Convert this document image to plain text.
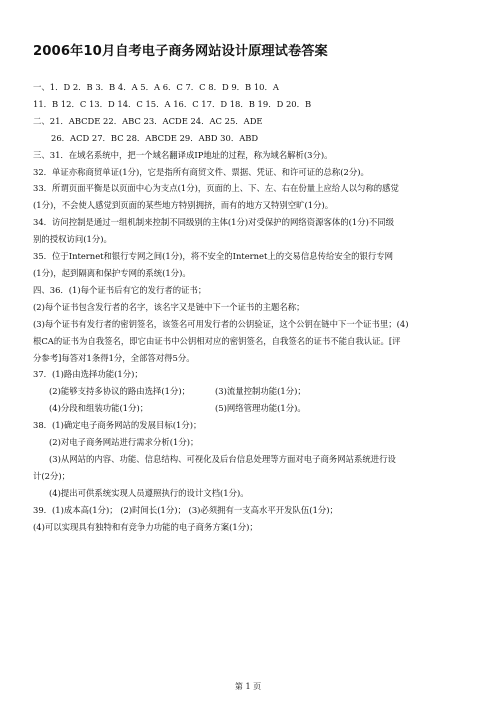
2006年10月自考电子商务网站设计原理试卷答案
一、1．D 2．B 3．B 4．A 5．A 6．C 7．C 8．D 9．B 10．A
11．B 12．C 13．D 14．C 15．A 16．C 17．D 18．B 19．D 20．B
二、21．ABCDE 22．ABC 23．ACDE 24．AC 25．ADE
26．ACD 27．BC 28．ABCDE 29．ABD 30．ABD
三、31．在域名系统中，把一个域名翻译成IP地址的过程，称为域名解析(3分)。
32．单证亦称商贸单证(1分)，它是指所有商贸文件、票据、凭证、和许可证的总称(2分)。
33．所谓页面平衡是以页面中心为支点(1分)，页面的上、下、左、右在份量上应给人以匀称的感觉
(1分)，不会使人感觉到页面的某些地方特别拥挤，而有的地方又特别空旷(1分)。
34．访问控制是通过一组机制来控制不同级别的主体(1分)对受保护的网络资源客体的(1分)不同级
别的授权访问(1分)。
35．位于Internet和银行专网之间(1分)，将不安全的Internet上的交易信息传给安全的银行专网
(1分)，起到隔离和保护专网的系统(1分)。
四、36．(1)每个证书后有它的发行者的证书；
(2)每个证书包含发行者的名字，该名字又是链中下一个证书的主题名称；
(3)每个证书有发行者的密钥签名，该签名可用发行者的公钥验证，这个公钥在链中下一个证书里；(4)
根CA的证书为自我签名，即它由证书中公钥相对应的密钥签名，自我签名的证书不能自我认证。[评
分参考]每答对1条得1分，全部答对得5分。
37．(1)路由选择功能(1分)；
(2)能够支持多协议的路由选择(1分)；	(3)流量控制功能(1分)；
(4)分段和组装功能(1分)；	(5)网络管理功能(1分)。
38．(1)确定电子商务网站的发展目标(1分)；
(2)对电子商务网站进行需求分析(1分)；
(3)从网站的内容、功能、信息结构、可视化及后台信息处理等方面对电子商务网站系统进行设
计(2分)；
(4)提出可供系统实现人员遵照执行的设计文档(1分)。
39．(1)成本高(1分)； (2)时间长(1分)； (3)必须拥有一支高水平开发队伍(1分)；
(4)可以实现具有独特和有竞争力功能的电子商务方案(1分)；
第 1 页
